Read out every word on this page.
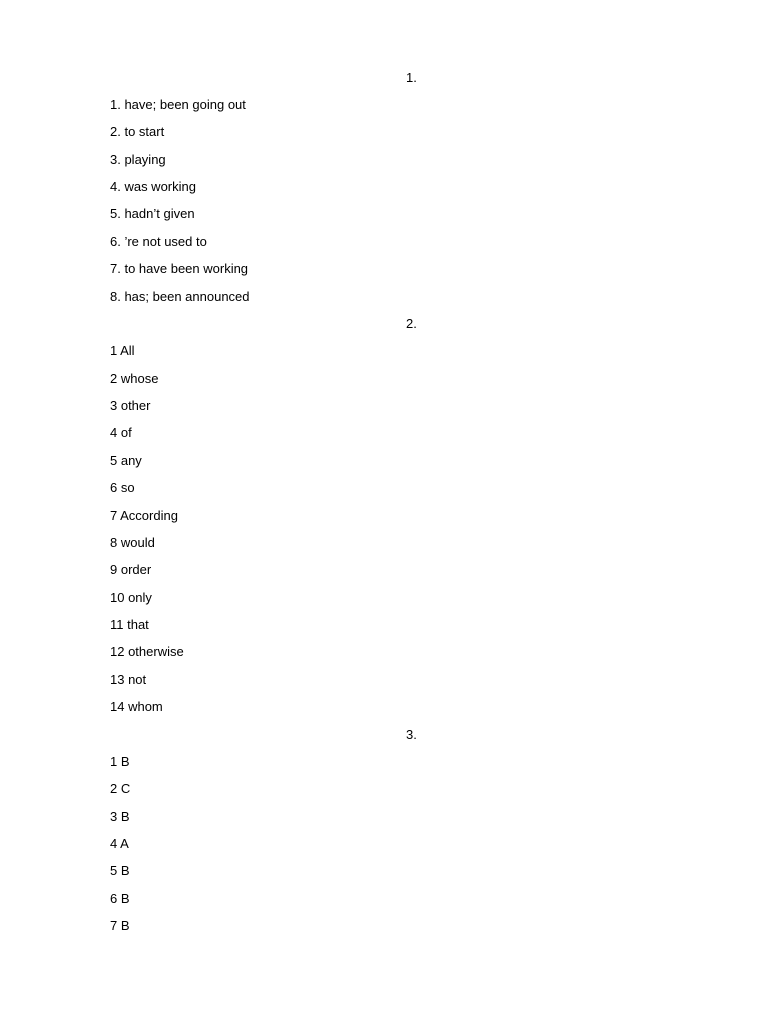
1.
1. have; been going out
2. to start
3. playing
4. was working
5. hadn’t given
6. ’re not used to
7. to have been working
8. has; been announced
2.
1 All
2 whose
3 other
4 of
5 any
6 so
7 According
8 would
9 order
10 only
11 that
12 otherwise
13 not
14 whom
3.
1 B
2 C
3 B
4 A
5 B
6 B
7 B
